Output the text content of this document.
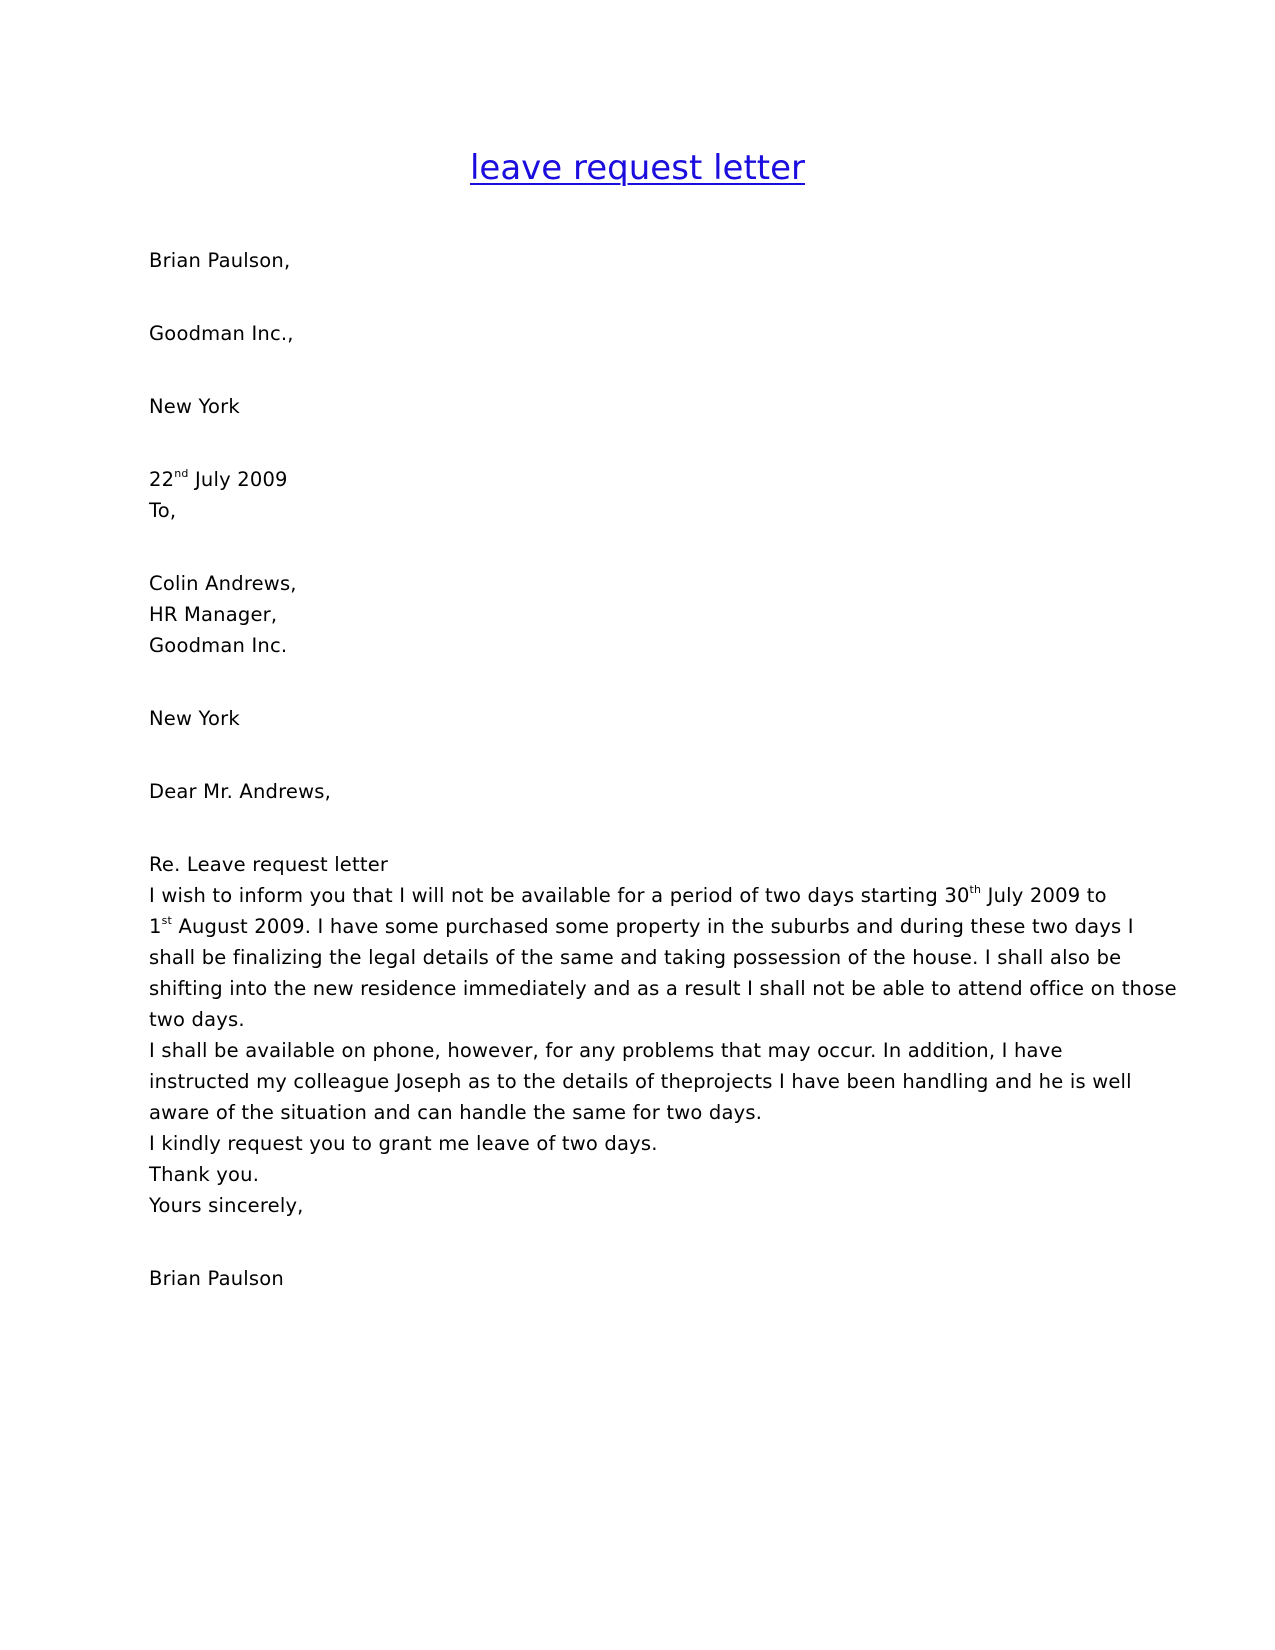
leave request letter
Brian Paulson,
Goodman Inc.,
New York
22nd July 2009
To,
Colin Andrews,
HR Manager,
Goodman Inc.
New York
Dear Mr. Andrews,
Re. Leave request letter
I wish to inform you that I will not be available for a period of two days starting 30th July 2009 to
1st August 2009. I have some purchased some property in the suburbs and during these two days I
shall be finalizing the legal details of the same and taking possession of the house. I shall also be
shifting into the new residence immediately and as a result I shall not be able to attend office on those
two days.
I shall be available on phone, however, for any problems that may occur. In addition, I have
instructed my colleague Joseph as to the details of theprojects I have been handling and he is well
aware of the situation and can handle the same for two days.
I kindly request you to grant me leave of two days.
Thank you.
Yours sincerely,
Brian Paulson
